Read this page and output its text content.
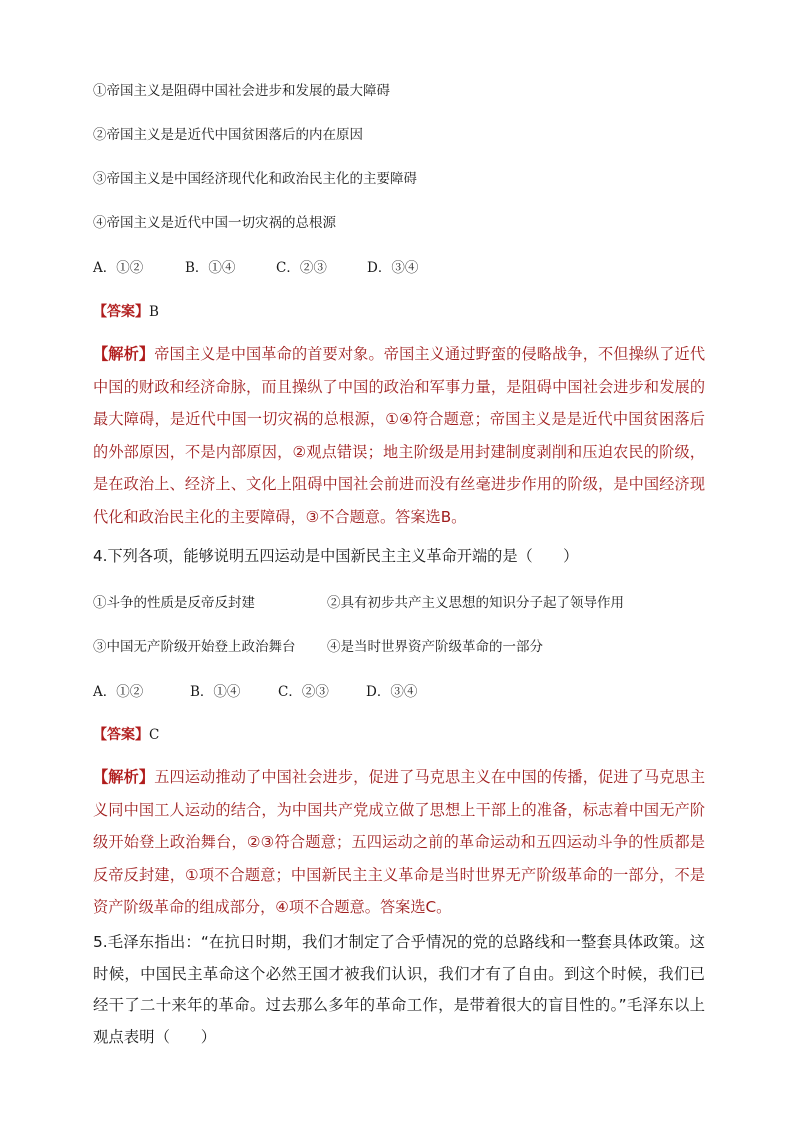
①帝国主义是阻碍中国社会进步和发展的最大障碍
②帝国主义是是近代中国贫困落后的内在原因
③帝国主义是中国经济现代化和政治民主化的主要障碍
④帝国主义是近代中国一切灾祸的总根源
A．①②	B．①④	C．②③	D．③④
【答案】B
【解析】帝国主义是中国革命的首要对象。帝国主义通过野蛮的侵略战争，不但操纵了近代中国的财政和经济命脉，而且操纵了中国的政治和军事力量，是阻碍中国社会进步和发展的最大障碍，是近代中国一切灾祸的总根源，①④符合题意；帝国主义是是近代中国贫困落后的外部原因，不是内部原因，②观点错误；地主阶级是用封建制度剥削和压迫农民的阶级，是在政治上、经济上、文化上阻碍中国社会前进而没有丝毫进步作用的阶级，是中国经济现代化和政治民主化的主要障碍，③不合题意。答案选B。
4.下列各项，能够说明五四运动是中国新民主主义革命开端的是（　　）
①斗争的性质是反帝反封建	②具有初步共产主义思想的知识分子起了领导作用
③中国无产阶级开始登上政治舞台 ④是当时世界资产阶级革命的一部分
A．①②	B．①④	C．②③	D．③④
【答案】C
【解析】五四运动推动了中国社会进步，促进了马克思主义在中国的传播，促进了马克思主义同中国工人运动的结合，为中国共产党成立做了思想上干部上的准备，标志着中国无产阶级开始登上政治舞台，②③符合题意；五四运动之前的革命运动和五四运动斗争的性质都是反帝反封建，①项不合题意；中国新民主主义革命是当时世界无产阶级革命的一部分，不是资产阶级革命的组成部分，④项不合题意。答案选C。
5.毛泽东指出：“在抗日时期，我们才制定了合乎情况的党的总路线和一整套具体政策。这时候，中国民主革命这个必然王国才被我们认识，我们才有了自由。到这个时候，我们已经干了二十来年的革命。过去那么多年的革命工作，是带着很大的盲目性的。”毛泽东以上观点表明（　　）
